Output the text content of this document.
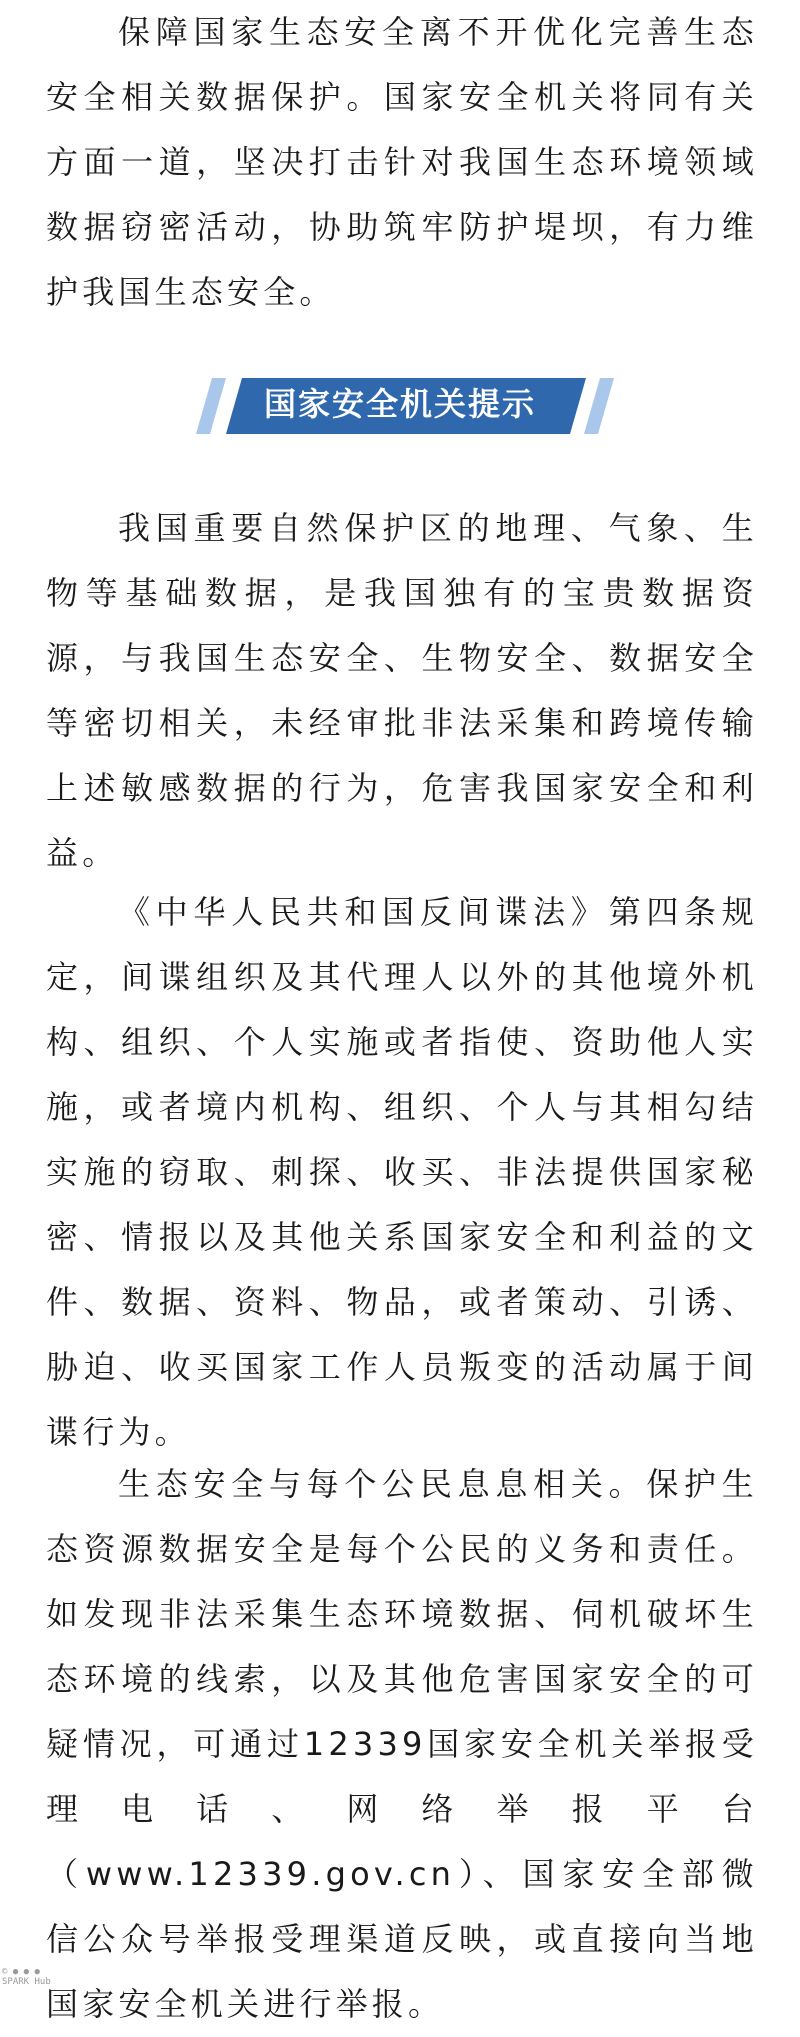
保障国家生态安全离不开优化完善生态安全相关数据保护。国家安全机关将同有关方面一道，坚决打击针对我国生态环境领域数据窃密活动，协助筑牢防护堤坝，有力维护我国生态安全。

我国重要自然保护区的地理、气象、生物等基础数据，是我国独有的宝贵数据资源，与我国生态安全、生物安全、数据安全等密切相关，未经审批非法采集和跨境传输上述敏感数据的行为，危害我国家安全和利益。

《中华人民共和国反间谍法》第四条规定，间谍组织及其代理人以外的其他境外机构、组织、个人实施或者指使、资助他人实施，或者境内机构、组织、个人与其相勾结实施的窃取、刺探、收买、非法提供国家秘密、情报以及其他关系国家安全和利益的文件、数据、资料、物品，或者策动、引诱、胁迫、收买国家工作人员叛变的活动属于间谍行为。

生态安全与每个公民息息相关。保护生态资源数据安全是每个公民的义务和责任。如发现非法采集生态环境数据、伺机破坏生态环境的线索，以及其他危害国家安全的可疑情况，可通过12339国家安全机关举报受理电话、网络举报平台（www.12339.gov.cn）、国家安全部微信公众号举报受理渠道反映，或直接向当地国家安全机关进行举报。

国家安全机关提示
© ● ● ●
SPARK Hub
